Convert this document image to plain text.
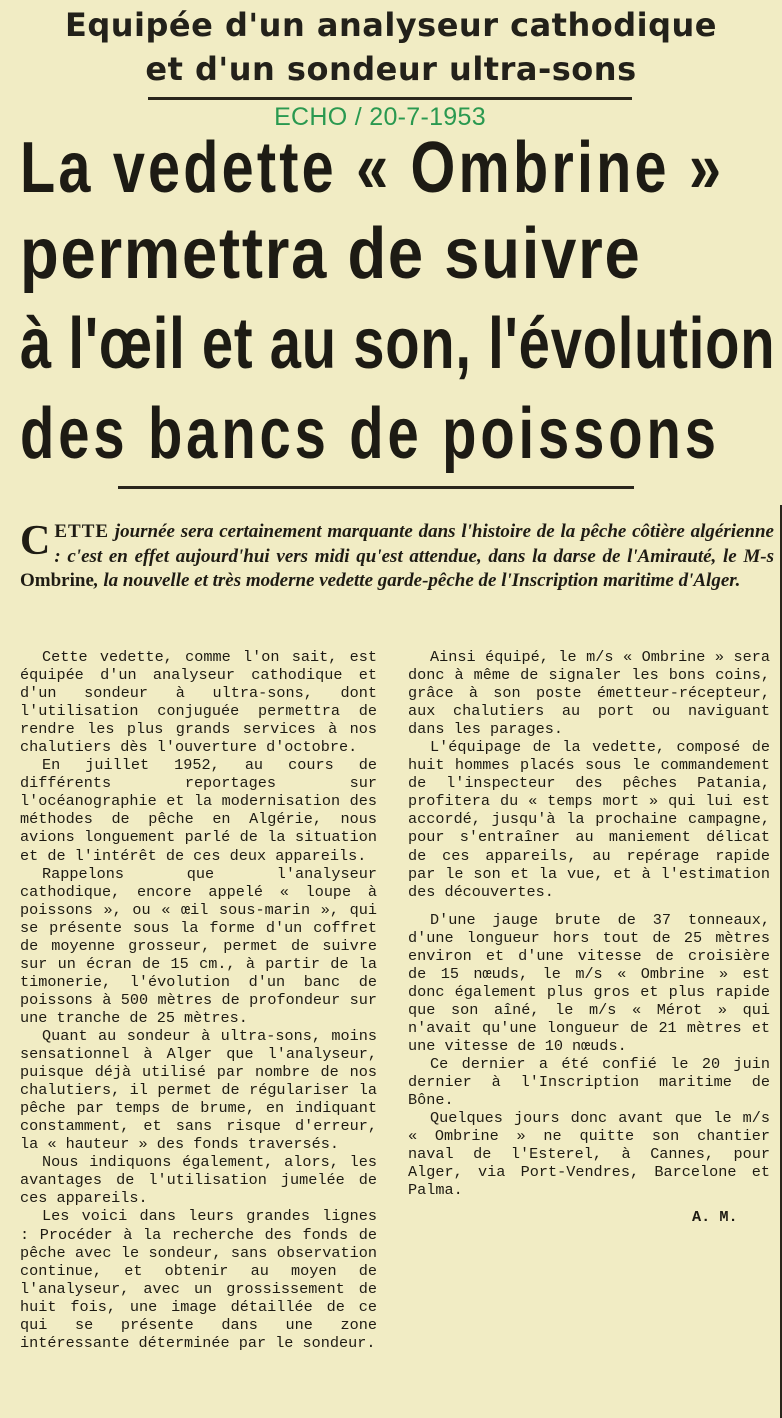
Equipée d'un analyseur cathodique
et d'un sondeur ultra-sons
ECHO / 20-7-1953
La vedette « Ombrine »
permettra de suivre
à l'œil et au son, l'évolution
des bancs de poissons
CETTE journée sera certainement marquante dans l'histoire de la pêche côtière algérienne : c'est en effet aujourd'hui vers midi qu'est attendue, dans la darse de l'Amirauté, le M-s Ombrine, la nouvelle et très moderne vedette garde-pêche de l'Inscription maritime d'Alger.

Cette vedette, comme l'on sait, est équipée d'un analyseur cathodique et d'un sondeur à ultra-sons, dont l'utilisation conjuguée permettra de rendre les plus grands services à nos chalutiers dès l'ouverture d'octobre.

En juillet 1952, au cours de différents reportages sur l'océanographie et la modernisation des méthodes de pêche en Algérie, nous avions longuement parlé de la situation et de l'intérêt de ces deux appareils.

Rappelons que l'analyseur cathodique, encore appelé « loupe à poissons », ou « œil sous-marin », qui se présente sous la forme d'un coffret de moyenne grosseur, permet de suivre sur un écran de 15 cm., à partir de la timonerie, l'évolution d'un banc de poissons à 500 mètres de profondeur sur une tranche de 25 mètres.

Quant au sondeur à ultra-sons, moins sensationnel à Alger que l'analyseur, puisque déjà utilisé par nombre de nos chalutiers, il permet de régulariser la pêche par temps de brume, en indiquant constamment, et sans risque d'erreur, la « hauteur » des fonds traversés.

Nous indiquons également, alors, les avantages de l'utilisation jumelée de ces appareils.

Les voici dans leurs grandes lignes : Procéder à la recherche des fonds de pêche avec le sondeur, sans observation continue, et obtenir au moyen de l'analyseur, avec un grossissement de huit fois, une image détaillée de ce qui se présente dans une zone intéressante déterminée par le sondeur.

Ainsi équipé, le m/s « Ombrine » sera donc à même de signaler les bons coins, grâce à son poste émetteur-récepteur, aux chalutiers au port ou naviguant dans les parages.

L'équipage de la vedette, composé de huit hommes placés sous le commandement de l'inspecteur des pêches Patania, profitera du « temps mort » qui lui est accordé, jusqu'à la prochaine campagne, pour s'entraîner au maniement délicat de ces appareils, au repérage rapide par le son et la vue, et à l'estimation des découvertes.

D'une jauge brute de 37 tonneaux, d'une longueur hors tout de 25 mètres environ et d'une vitesse de croisière de 15 nœuds, le m/s « Ombrine » est donc également plus gros et plus rapide que son aîné, le m/s « Mérot » qui n'avait qu'une longueur de 21 mètres et une vitesse de 10 nœuds.

Ce dernier a été confié le 20 juin dernier à l'Inscription maritime de Bône.

Quelques jours donc avant que le m/s « Ombrine » ne quitte son chantier naval de l'Esterel, à Cannes, pour Alger, via Port-Vendres, Barcelone et Palma.

A. M.
